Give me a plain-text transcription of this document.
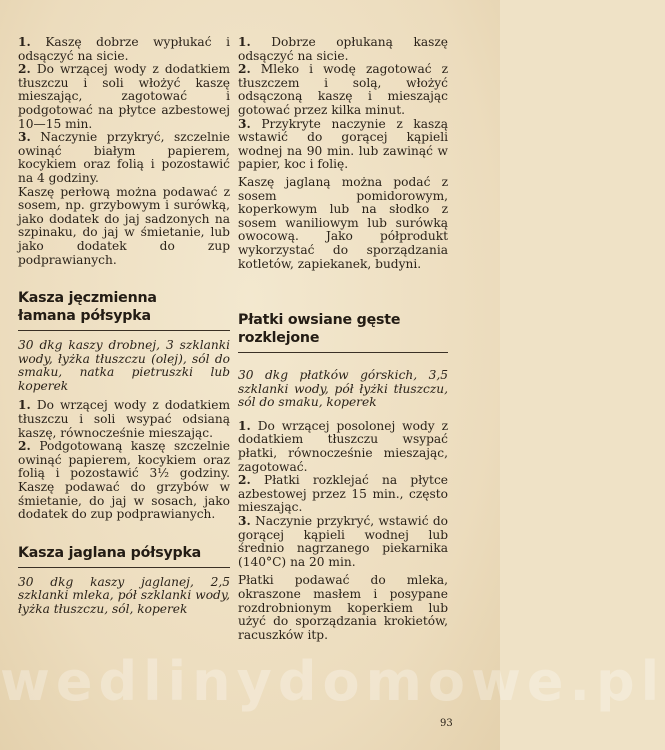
1. Kaszę dobrze wypłukać i odsączyć na sicie.

2. Do wrzącej wody z dodatkiem tłuszczu i soli włożyć kaszę mieszając, zagotować i podgotować na płytce azbestowej 10—15 min.

3. Naczynie przykryć, szczelnie owinąć białym papierem, kocykiem oraz folią i pozostawić na 4 godziny.

Kaszę perłową można podawać z sosem, np. grzybowym i surówką, jako dodatek do jaj sadzonych na szpinaku, do jaj w śmietanie, lub jako dodatek do zup podprawianych.

Kasza jęczmienna łamana półsypka

30 dkg kaszy drobnej, 3 szklanki wody, łyżka tłuszczu (olej), sól do smaku, natka pietruszki lub koperek

1. Do wrzącej wody z dodatkiem tłuszczu i soli wsypać odsianą kaszę, równocześnie mieszając.

2. Podgotowaną kaszę szczelnie owinąć papierem, kocykiem oraz folią i pozostawić 3½ godziny. Kaszę podawać do grzybów w śmietanie, do jaj w sosach, jako dodatek do zup podprawianych.

Kasza jaglana półsypka

30 dkg kaszy jaglanej, 2,5 szklanki mleka, pół szklanki wody, łyżka tłuszczu, sól, koperek

1. Dobrze opłukaną kaszę odsączyć na sicie.

2. Mleko i wodę zagotować z tłuszczem i solą, włożyć odsączoną kaszę i mieszając gotować przez kilka minut.

3. Przykryte naczynie z kaszą wstawić do gorącej kąpieli wodnej na 90 min. lub zawinąć w papier, koc i folię.

Kaszę jaglaną można podać z sosem pomidorowym, koperkowym lub na słodko z sosem waniliowym lub surówką owocową. Jako półprodukt wykorzystać do sporządzania kotletów, zapiekanek, budyni.

Płatki owsiane gęste rozklejone

30 dkg płatków górskich, 3,5 szklanki wody, pół łyżki tłuszczu, sól do smaku, koperek

1. Do wrzącej posolonej wody z dodatkiem tłuszczu wsypać płatki, równocześnie mieszając, zagotować.

2. Płatki rozklejać na płytce azbestowej przez 15 min., często mieszając.

3. Naczynie przykryć, wstawić do gorącej kąpieli wodnej lub średnio nagrzanego piekarnika (140°C) na 20 min.

Płatki podawać do mleka, okraszone masłem i posypane rozdrobnionym koperkiem lub użyć do sporządzania krokietów, racuszków itp.

wedlinydomowe.pl
93
